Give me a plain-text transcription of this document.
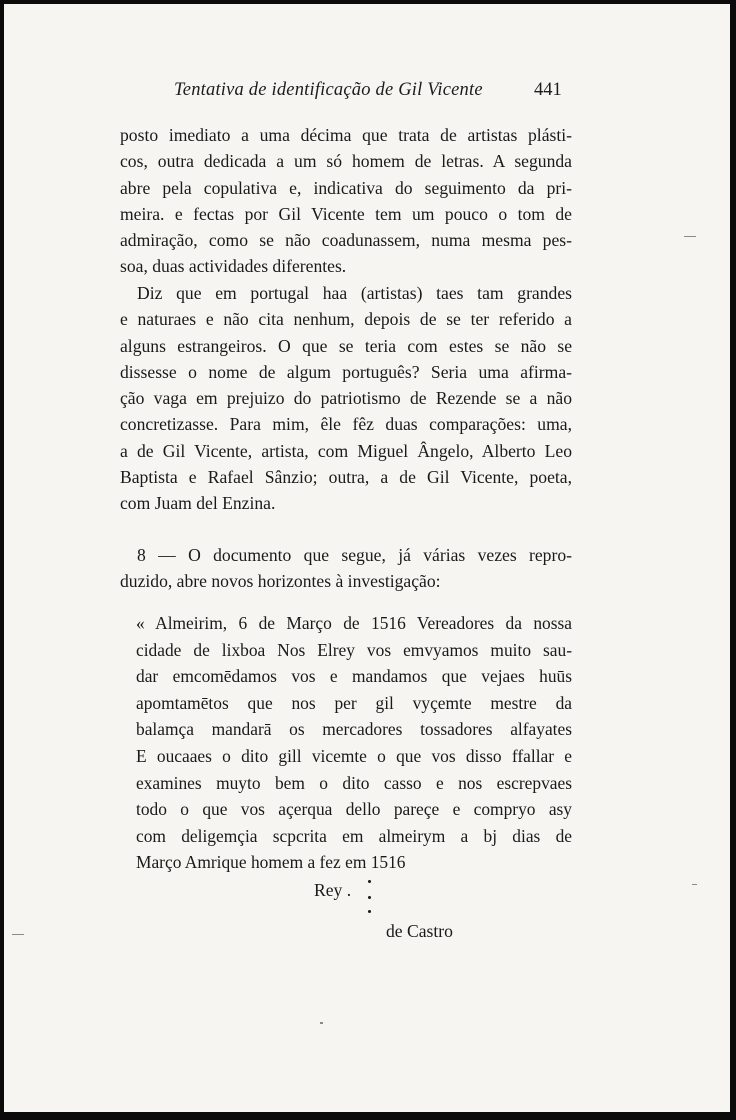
Tentativa de identificação de Gil Vicente	441
posto imediato a uma décima que trata de artistas plásti-
cos, outra dedicada a um só homem de letras. A segunda
abre pela copulativa e, indicativa do seguimento da pri-
meira. e fectas por Gil Vicente tem um pouco o tom de
admiração, como se não coadunassem, numa mesma pes-
soa, duas actividades diferentes.
Diz que em portugal haa (artistas) taes tam grandes
e naturaes e não cita nenhum, depois de se ter referido a
alguns estrangeiros. O que se teria com estes se não se
dissesse o nome de algum português? Seria uma afirma-
ção vaga em prejuizo do patriotismo de Rezende se a não
concretizasse. Para mim, êle fêz duas comparações: uma,
a de Gil Vicente, artista, com Miguel Ângelo, Alberto Leo
Baptista e Rafael Sânzio; outra, a de Gil Vicente, poeta,
com Juam del Enzina.
8 — O documento que segue, já várias vezes repro-
duzido, abre novos horizontes à investigação:
« Almeirim, 6 de Março de 1516 Vereadores da nossa
cidade de lixboa Nos Elrey vos emvyamos muito sau-
dar emcomēdamos vos e mandamos que vejaes huūs
apomtamētos que nos per gil vyçemte mestre da
balamça mandarā os mercadores tossadores alfayates
E oucaaes o dito gill vicemte o que vos disso ffallar e
examines muyto bem o dito casso e nos escrepvaes
todo o que vos açerqua dello pareçe e compryo asy
com deligemçia scpcrita em almeirym a bj dias de
Março Amrique homem a fez em 1516
Rey .
de Castro
